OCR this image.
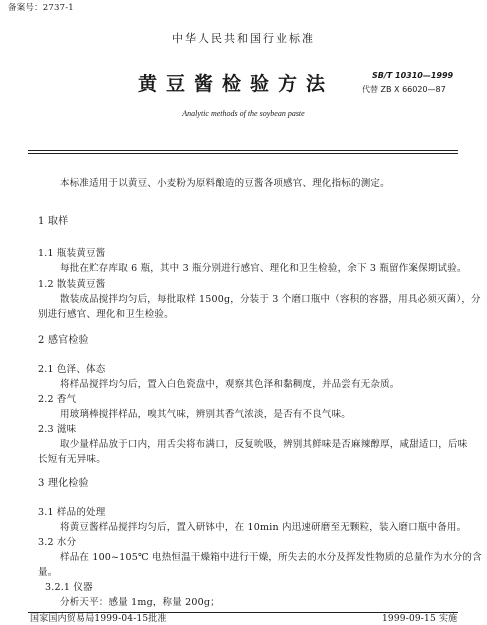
备案号：2737-1
中华人民共和国行业标准
黄豆酱检验方法	SB/T 10310—1999
代替 ZB X 66020—87
Analytic methods of the soybean paste
本标准适用于以黄豆、小麦粉为原料酿造的豆酱各项感官、理化指标的测定。
1 取样
1.1 瓶装黄豆酱
每批在贮存库取 6 瓶，其中 3 瓶分别进行感官、理化和卫生检验，余下 3 瓶留作案保期试验。
1.2 散装黄豆酱
散装成品搅拌均匀后，每批取样 1500g，分装于 3 个磨口瓶中（容积的容器，用具必须灭菌），分
别进行感官、理化和卫生检验。
2 感官检验
2.1 色泽、体态
将样品搅拌均匀后，置入白色瓷盘中，观察其色泽和黏稠度，并品尝有无杂质。
2.2 香气
用玻璃棒搅拌样品，嗅其气味，辨别其香气浓淡，是否有不良气味。
2.3 滋味
取少量样品放于口内，用舌尖将布满口，反复吮吸，辨别其鲜味是否麻辣醇厚，咸甜适口，后味
长短有无异味。
3 理化检验
3.1 样品的处理
将黄豆酱样品搅拌均匀后，置入研钵中，在 10min 内迅速研磨至无颗粒，装入磨口瓶中备用。
3.2 水分
样品在 100~105℃ 电热恒温干燥箱中进行干燥，所失去的水分及挥发性物质的总量作为水分的含
量。
3.2.1 仪器
分析天平：感量 1mg，称量 200g；
国家国内贸易局1999-04-15批准	1999-09-15 实施
